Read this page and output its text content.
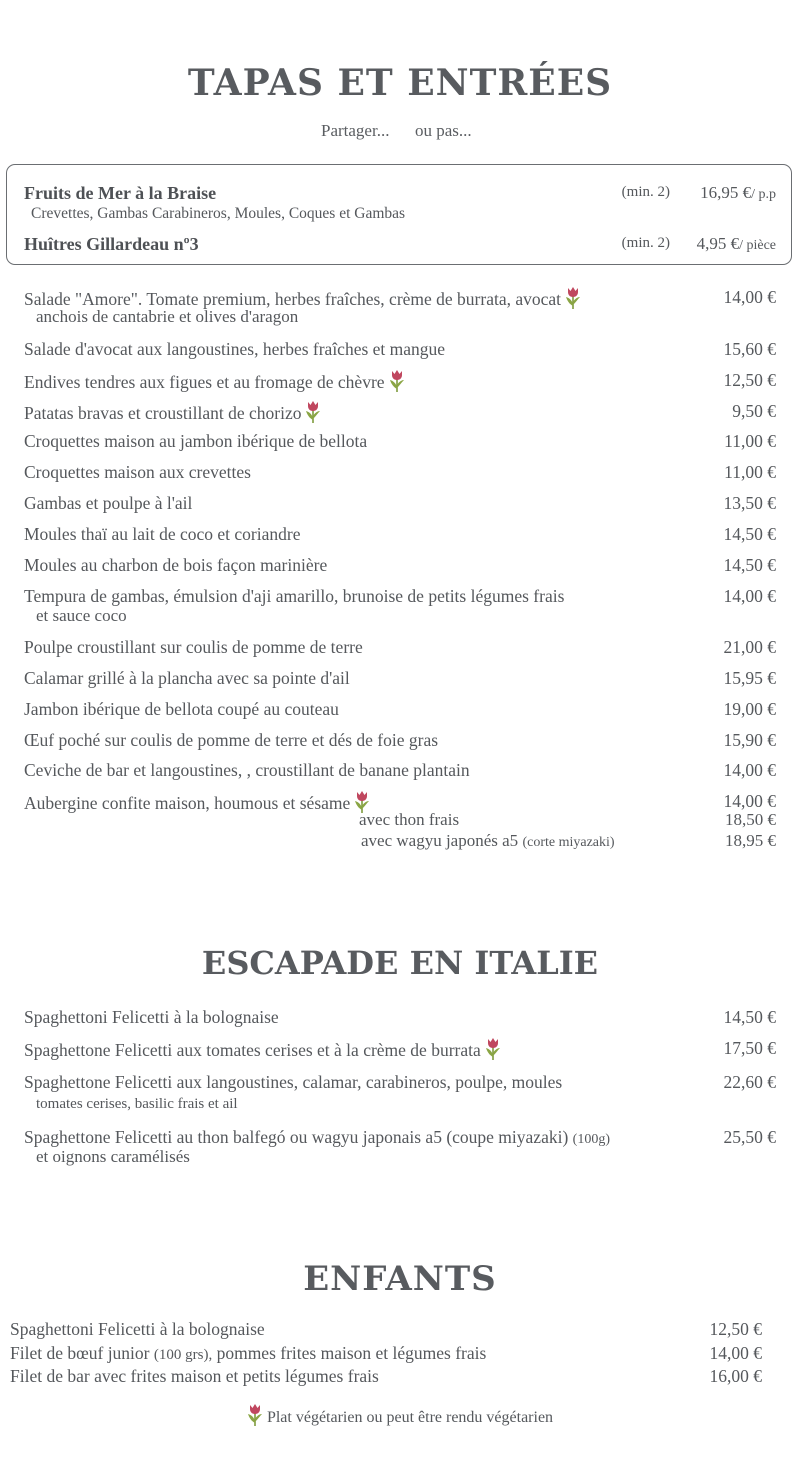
TAPAS ET ENTRÉES
Partager... ou pas...
Fruits de Mer à la Braise	(min. 2) 16,95 €/ p.p
Crevettes, Gambas Carabineros, Moules, Coques et Gambas
Huîtres Gillardeau nº3	(min. 2) 4,95 €/ pièce
Salade "Amore". Tomate premium, herbes fraîches, crème de burrata, avocat	14,00 €
anchois de cantabrie et olives d'aragon
Salade d'avocat aux langoustines, herbes fraîches et mangue	15,60 €
Endives tendres aux figues et au fromage de chèvre	12,50 €
Patatas bravas et croustillant de chorizo	9,50 €
Croquettes maison au jambon ibérique de bellota	11,00 €
Croquettes maison aux crevettes	11,00 €
Gambas et poulpe à l'ail	13,50 €
Moules thaï au lait de coco et coriandre	14,50 €
Moules au charbon de bois façon marinière	14,50 €
Tempura de gambas, émulsion d'aji amarillo, brunoise de petits légumes frais	14,00 €
et sauce coco
Poulpe croustillant sur coulis de pomme de terre	21,00 €
Calamar grillé à la plancha avec sa pointe d'ail	15,95 €
Jambon ibérique de bellota coupé au couteau	19,00 €
Œuf poché sur coulis de pomme de terre et dés de foie gras	15,90 €
Ceviche de bar et langoustines, , croustillant de banane plantain	14,00 €
Aubergine confite maison, houmous et sésame	14,00 €
avec thon frais	18,50 €
avec wagyu japonés a5 (corte miyazaki)	18,95 €
ESCAPADE EN ITALIE
Spaghettoni Felicetti à la bolognaise	14,50 €
Spaghettone Felicetti aux tomates cerises et à la crème de burrata	17,50 €
Spaghettone Felicetti aux langoustines, calamar, carabineros, poulpe, moules	22,60 €
tomates cerises, basilic frais et ail
Spaghettone Felicetti au thon balfegó ou wagyu japonais a5 (coupe miyazaki) (100g)	25,50 €
et oignons caramélisés
ENFANTS
Spaghettoni Felicetti à la bolognaise	12,50 €
Filet de bœuf junior (100 grs), pommes frites maison et légumes frais	14,00 €
Filet de bar avec frites maison et petits légumes frais	16,00 €
Plat végétarien ou peut être rendu végétarien
